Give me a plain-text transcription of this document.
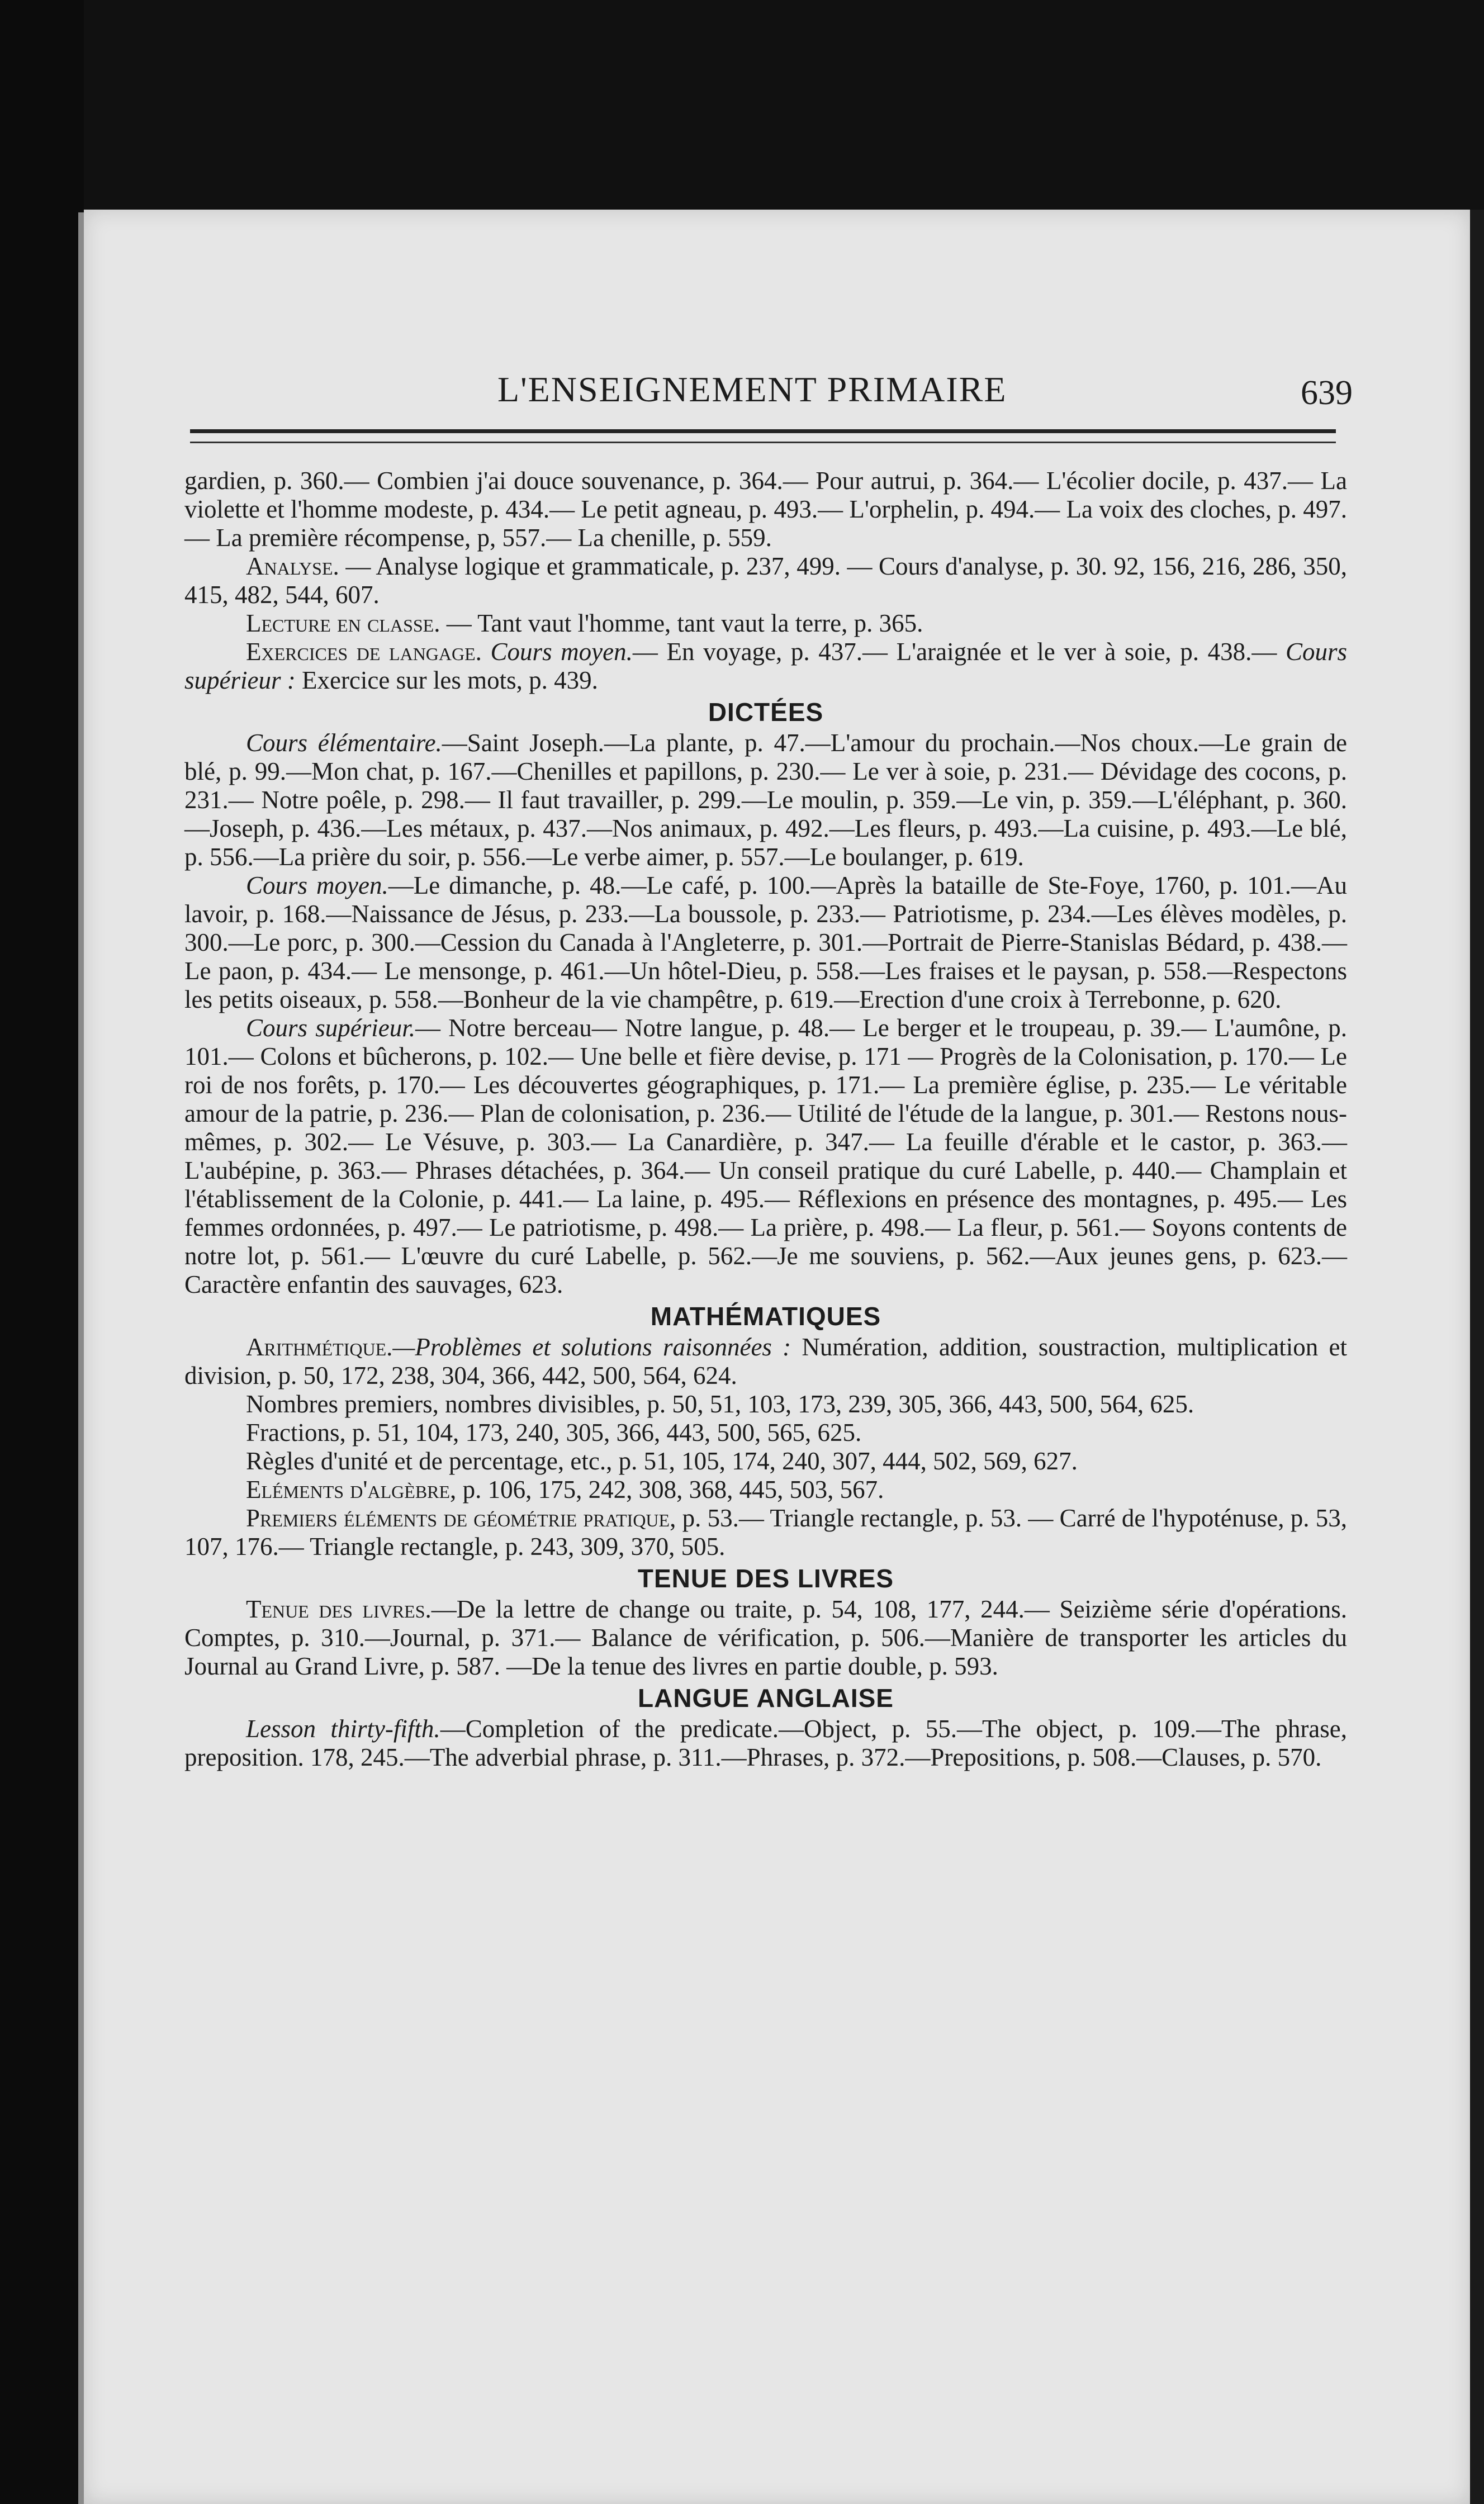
L'ENSEIGNEMENT PRIMAIRE	639

gardien, p. 360.— Combien j'ai douce souvenance, p. 364.— Pour autrui, p. 364.— L'écolier docile, p. 437.— La violette et l'homme modeste, p. 434.— Le petit agneau, p. 493.— L'orphelin, p. 494.— La voix des cloches, p. 497.— La première récompense, p, 557.— La chenille, p. 559.

Analyse. — Analyse logique et grammaticale, p. 237, 499. — Cours d'analyse, p. 30. 92, 156, 216, 286, 350, 415, 482, 544, 607.

Lecture en classe. — Tant vaut l'homme, tant vaut la terre, p. 365.

Exercices de langage. Cours moyen.— En voyage, p. 437.— L'araignée et le ver à soie, p. 438.— Cours supérieur : Exercice sur les mots, p. 439.

DICTÉES

Cours élémentaire.—Saint Joseph.—La plante, p. 47.—L'amour du prochain.—Nos choux.—Le grain de blé, p. 99.—Mon chat, p. 167.—Chenilles et papillons, p. 230.— Le ver à soie, p. 231.— Dévidage des cocons, p. 231.— Notre poêle, p. 298.— Il faut travailler, p. 299.—Le moulin, p. 359.—Le vin, p. 359.—L'éléphant, p. 360.—Joseph, p. 436.—Les métaux, p. 437.—Nos animaux, p. 492.—Les fleurs, p. 493.—La cuisine, p. 493.—Le blé, p. 556.—La prière du soir, p. 556.—Le verbe aimer, p. 557.—Le boulanger, p. 619.

Cours moyen.—Le dimanche, p. 48.—Le café, p. 100.—Après la bataille de Ste-Foye, 1760, p. 101.—Au lavoir, p. 168.—Naissance de Jésus, p. 233.—La boussole, p. 233.— Patriotisme, p. 234.—Les élèves modèles, p. 300.—Le porc, p. 300.—Cession du Canada à l'Angleterre, p. 301.—Portrait de Pierre-Stanislas Bédard, p. 438.—Le paon, p. 434.— Le mensonge, p. 461.—Un hôtel-Dieu, p. 558.—Les fraises et le paysan, p. 558.—Respectons les petits oiseaux, p. 558.—Bonheur de la vie champêtre, p. 619.—Erection d'une croix à Terrebonne, p. 620.

Cours supérieur.— Notre berceau— Notre langue, p. 48.— Le berger et le troupeau, p. 39.— L'aumône, p. 101.— Colons et bûcherons, p. 102.— Une belle et fière devise, p. 171 — Progrès de la Colonisation, p. 170.— Le roi de nos forêts, p. 170.— Les découvertes géographiques, p. 171.— La première église, p. 235.— Le véritable amour de la patrie, p. 236.— Plan de colonisation, p. 236.— Utilité de l'étude de la langue, p. 301.— Restons nous-mêmes, p. 302.— Le Vésuve, p. 303.— La Canardière, p. 347.— La feuille d'érable et le castor, p. 363.— L'aubépine, p. 363.— Phrases détachées, p. 364.— Un conseil pratique du curé Labelle, p. 440.— Champlain et l'établissement de la Colonie, p. 441.— La laine, p. 495.— Réflexions en présence des montagnes, p. 495.— Les femmes ordonnées, p. 497.— Le patriotisme, p. 498.— La prière, p. 498.— La fleur, p. 561.— Soyons contents de notre lot, p. 561.— L'œuvre du curé Labelle, p. 562.—Je me souviens, p. 562.—Aux jeunes gens, p. 623.—Caractère enfantin des sauvages, 623.

MATHÉMATIQUES

Arithmétique.—Problèmes et solutions raisonnées : Numération, addition, soustraction, multiplication et division, p. 50, 172, 238, 304, 366, 442, 500, 564, 624.

Nombres premiers, nombres divisibles, p. 50, 51, 103, 173, 239, 305, 366, 443, 500, 564, 625.

Fractions, p. 51, 104, 173, 240, 305, 366, 443, 500, 565, 625.

Règles d'unité et de percentage, etc., p. 51, 105, 174, 240, 307, 444, 502, 569, 627.

Eléments d'algèbre, p. 106, 175, 242, 308, 368, 445, 503, 567.

Premiers éléments de géométrie pratique, p. 53.— Triangle rectangle, p. 53. — Carré de l'hypoténuse, p. 53, 107, 176.— Triangle rectangle, p. 243, 309, 370, 505.

TENUE DES LIVRES

Tenue des livres.—De la lettre de change ou traite, p. 54, 108, 177, 244.— Seizième série d'opérations. Comptes, p. 310.—Journal, p. 371.— Balance de vérification, p. 506.—Manière de transporter les articles du Journal au Grand Livre, p. 587. —De la tenue des livres en partie double, p. 593.

LANGUE ANGLAISE

Lesson thirty-fifth.—Completion of the predicate.—Object, p. 55.—The object, p. 109.—The phrase, preposition. 178, 245.—The adverbial phrase, p. 311.—Phrases, p. 372.—Prepositions, p. 508.—Clauses, p. 570.
